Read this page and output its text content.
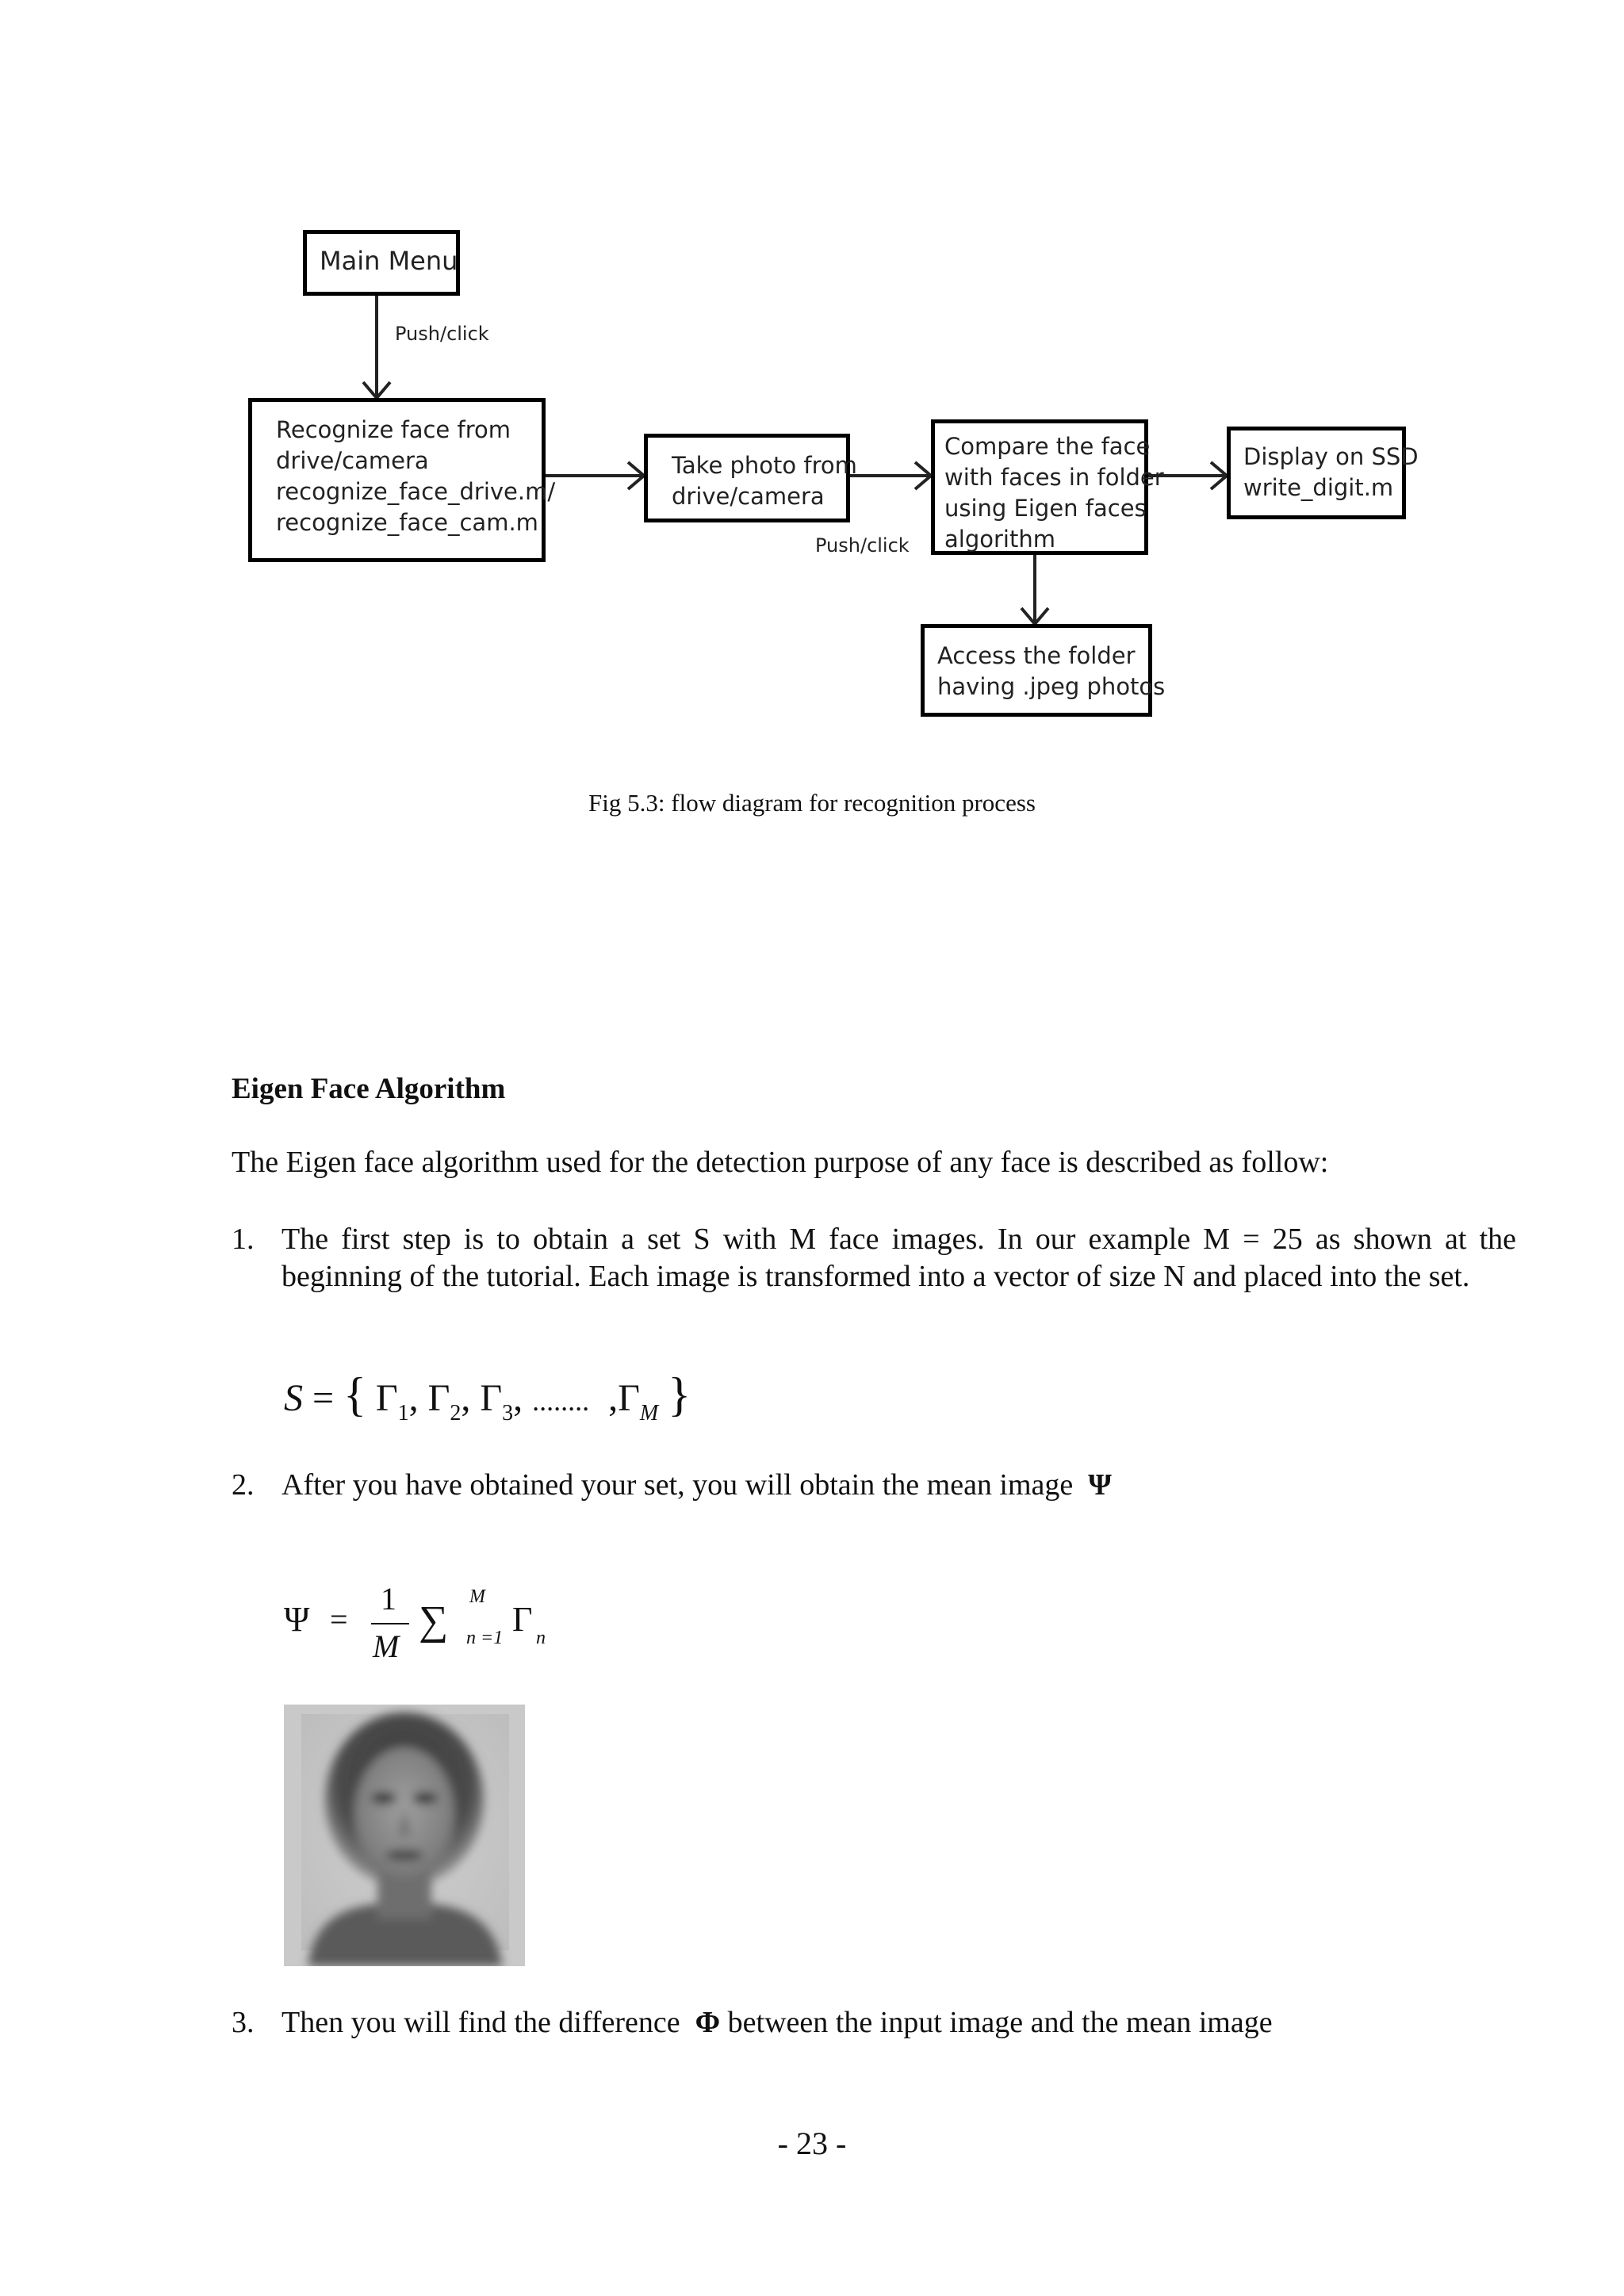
Main Menu
Push/click
Recognize face from
drive/camera
recognize_face_drive.m/
recognize_face_cam.m
Take photo from
drive/camera
Push/click
Compare the face
with faces in folder
using Eigen faces
algorithm
Display on SSD
write_digit.m
Access the folder
having .jpeg photos
Fig 5.3: flow diagram for recognition process
Eigen Face Algorithm
The Eigen face algorithm used for the detection purpose of any face is described as follow:
1. The first step is to obtain a set S with M face images. In our example M = 25 as shown at the beginning of the tutorial. Each image is transformed into a vector of size N and placed into the set.
S = { $\Gamma_1$, $\Gamma_2$, $\Gamma_3$, ........  $,\Gamma_M$ }
2. After you have obtained your set, you will obtain the mean image Ψ
Ψ =
1
M
∑
M
n =1 Γ n
3. Then you will find the difference Φ between the input image and the mean image
- 23 -
